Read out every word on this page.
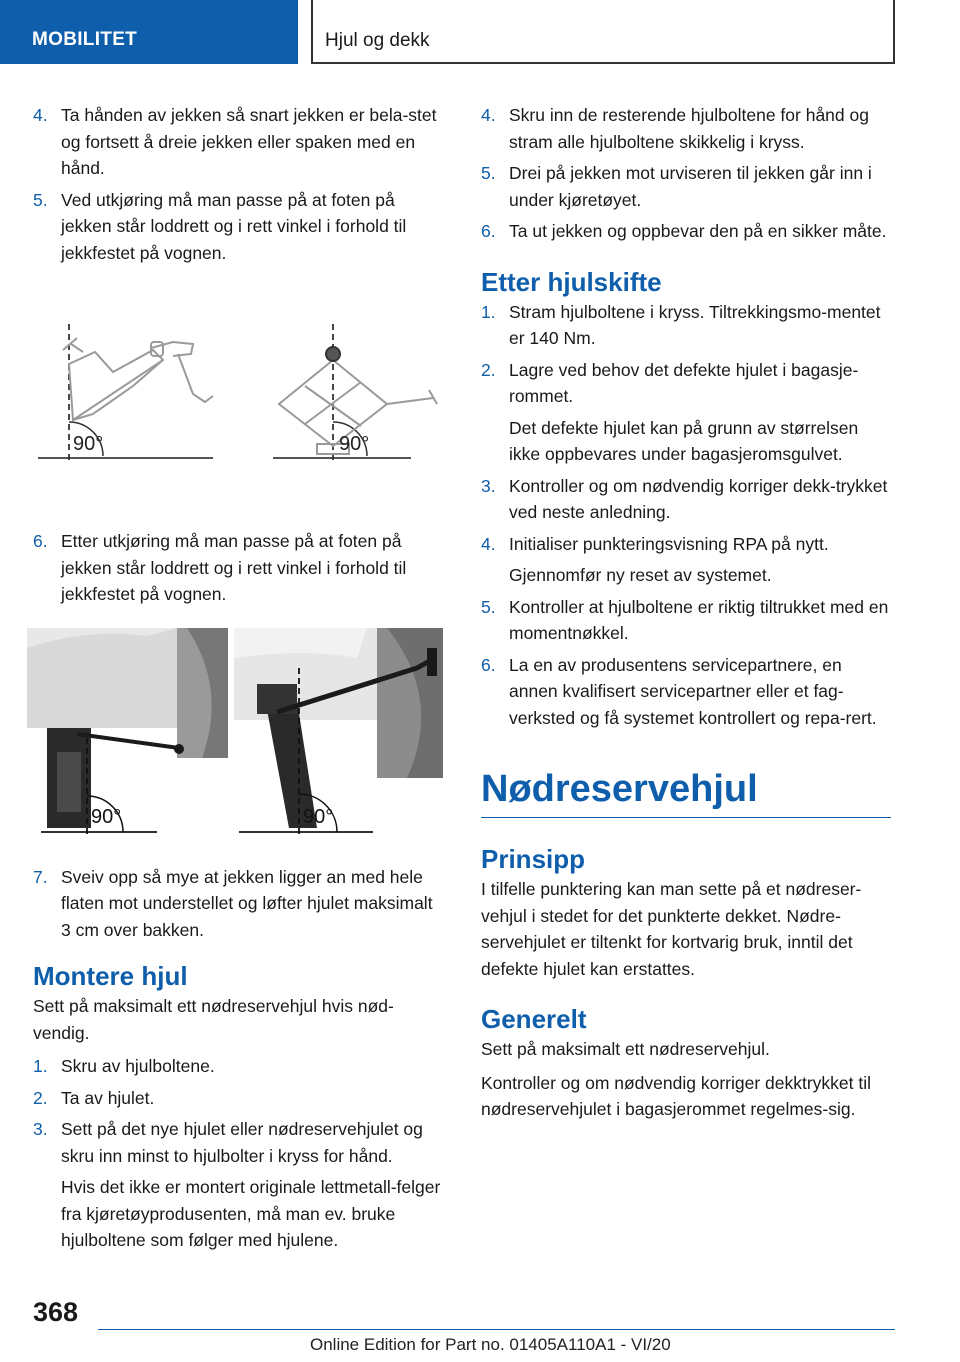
MOBILITET	Hjul og dekk
4. Ta hånden av jekken så snart jekken er bela-stet og fortsett å dreie jekken eller spaken med en hånd.
5. Ved utkjøring må man passe på at foten på jekken står loddrett og i rett vinkel i forhold til jekkfestet på vognen.
90°	90°
6. Etter utkjøring må man passe på at foten på jekken står loddrett og i rett vinkel i forhold til jekkfestet på vognen.
90°	90°
7. Sveiv opp så mye at jekken ligger an med hele flaten mot understellet og løfter hjulet maksimalt 3 cm over bakken.
Montere hjul
Sett på maksimalt ett nødreservehjul hvis nød-vendig.
1. Skru av hjulboltene.
2. Ta av hjulet.
3. Sett på det nye hjulet eller nødreservehjulet og skru inn minst to hjulbolter i kryss for hånd.
Hvis det ikke er montert originale lettmetall-felger fra kjøretøyprodusenten, må man ev. bruke hjulboltene som følger med hjulene.
4. Skru inn de resterende hjulboltene for hånd og stram alle hjulboltene skikkelig i kryss.
5. Drei på jekken mot urviseren til jekken går inn i under kjøretøyet.
6. Ta ut jekken og oppbevar den på en sikker måte.
Etter hjulskifte
1. Stram hjulboltene i kryss. Tiltrekkingsmo-mentet er 140 Nm.
2. Lagre ved behov det defekte hjulet i bagasje-rommet.
Det defekte hjulet kan på grunn av størrelsen ikke oppbevares under bagasjeromsgulvet.
3. Kontroller og om nødvendig korriger dekk-trykket ved neste anledning.
4. Initialiser punkteringsvisning RPA på nytt.
Gjennomfør ny reset av systemet.
5. Kontroller at hjulboltene er riktig tiltrukket med en momentnøkkel.
6. La en av produsentens servicepartnere, en annen kvalifisert servicepartner eller et fag-verksted og få systemet kontrollert og repa-rert.
Nødreservehjul
Prinsipp
I tilfelle punktering kan man sette på et nødreser-vehjul i stedet for det punkterte dekket. Nødre-servehjulet er tiltenkt for kortvarig bruk, inntil det defekte hjulet kan erstattes.
Generelt
Sett på maksimalt ett nødreservehjul.
Kontroller og om nødvendig korriger dekktrykket til nødreservehjulet i bagasjerommet regelmes-sig.
368
Online Edition for Part no. 01405A110A1 - VI/20
